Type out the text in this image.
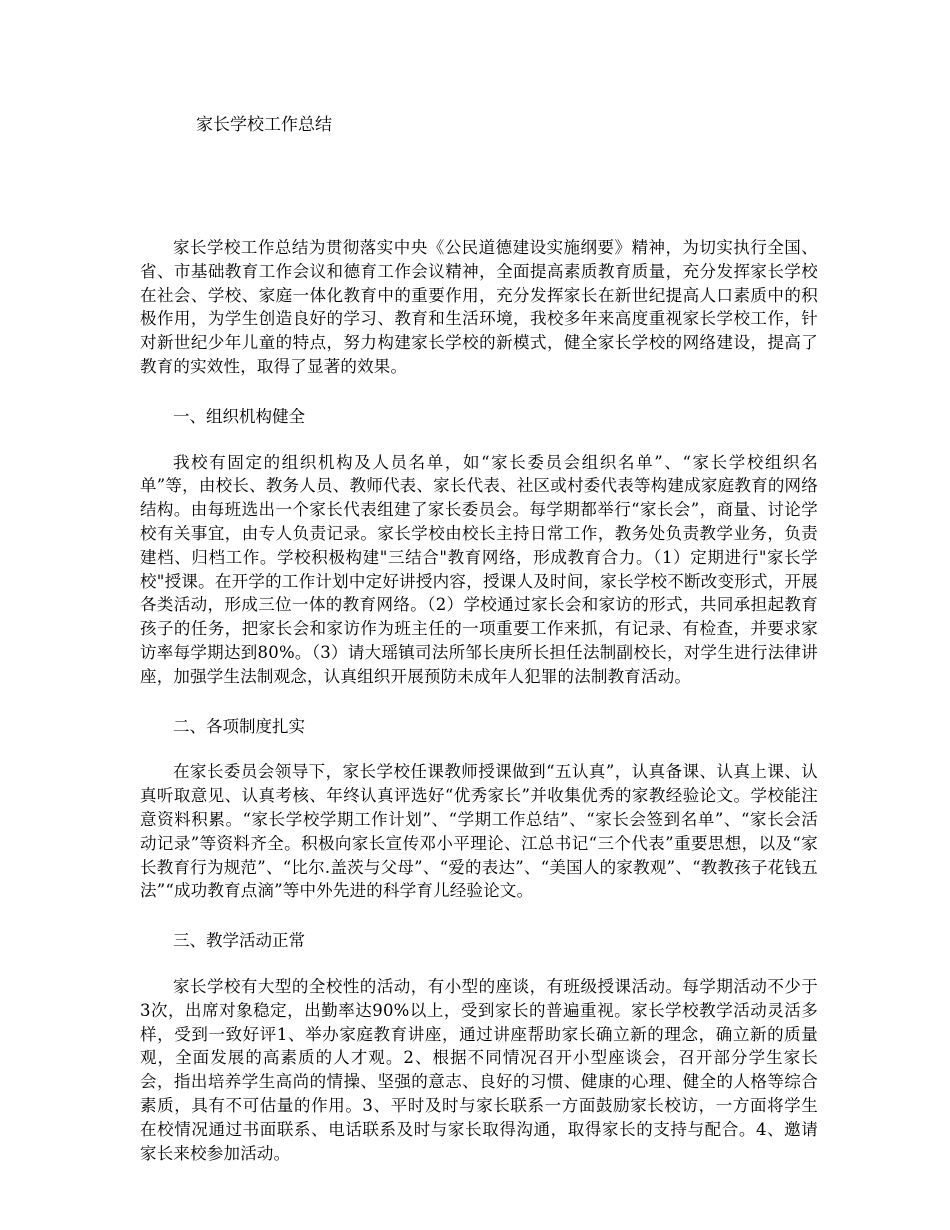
家长学校工作总结

家长学校工作总结为贯彻落实中央《公民道德建设实施纲要》精神，为切实执行全国、省、市基础教育工作会议和德育工作会议精神，全面提高素质教育质量，充分发挥家长学校在社会、学校、家庭一体化教育中的重要作用，充分发挥家长在新世纪提高人口素质中的积极作用，为学生创造良好的学习、教育和生活环境，我校多年来高度重视家长学校工作，针对新世纪少年儿童的特点，努力构建家长学校的新模式，健全家长学校的网络建设，提高了教育的实效性，取得了显著的效果。

一、组织机构健全

我校有固定的组织机构及人员名单，如“家长委员会组织名单”、“家长学校组织名单”等，由校长、教务人员、教师代表、家长代表、社区或村委代表等构建成家庭教育的网络结构。由每班选出一个家长代表组建了家长委员会。每学期都举行“家长会”，商量、讨论学校有关事宜，由专人负责记录。家长学校由校长主持日常工作，教务处负责教学业务，负责建档、归档工作。学校积极构建"三结合"教育网络，形成教育合力。（1）定期进行"家长学校"授课。在开学的工作计划中定好讲授内容，授课人及时间，家长学校不断改变形式，开展各类活动，形成三位一体的教育网络。（2）学校通过家长会和家访的形式，共同承担起教育孩子的任务，把家长会和家访作为班主任的一项重要工作来抓，有记录、有检查，并要求家访率每学期达到80%。（3）请大瑶镇司法所邹长庚所长担任法制副校长，对学生进行法律讲座，加强学生法制观念，认真组织开展预防未成年人犯罪的法制教育活动。

二、各项制度扎实

在家长委员会领导下，家长学校任课教师授课做到“五认真”，认真备课、认真上课、认真听取意见、认真考核、年终认真评选好“优秀家长”并收集优秀的家教经验论文。学校能注意资料积累。“家长学校学期工作计划”、“学期工作总结”、“家长会签到名单”、“家长会活动记录”等资料齐全。积极向家长宣传邓小平理论、江总书记“三个代表”重要思想，以及“家长教育行为规范”、“比尔.盖茨与父母”、“爱的表达”、“美国人的家教观”、“教教孩子花钱五法”“成功教育点滴”等中外先进的科学育儿经验论文。

三、教学活动正常

家长学校有大型的全校性的活动，有小型的座谈，有班级授课活动。每学期活动不少于3次，出席对象稳定，出勤率达90%以上，受到家长的普遍重视。家长学校教学活动灵活多样，受到一致好评1、举办家庭教育讲座，通过讲座帮助家长确立新的理念，确立新的质量观，全面发展的高素质的人才观。2、根据不同情况召开小型座谈会，召开部分学生家长会，指出培养学生高尚的情操、坚强的意志、良好的习惯、健康的心理、健全的人格等综合素质，具有不可估量的作用。3、平时及时与家长联系一方面鼓励家长校访，一方面将学生在校情况通过书面联系、电话联系及时与家长取得沟通，取得家长的支持与配合。4、邀请家长来校参加活动。
